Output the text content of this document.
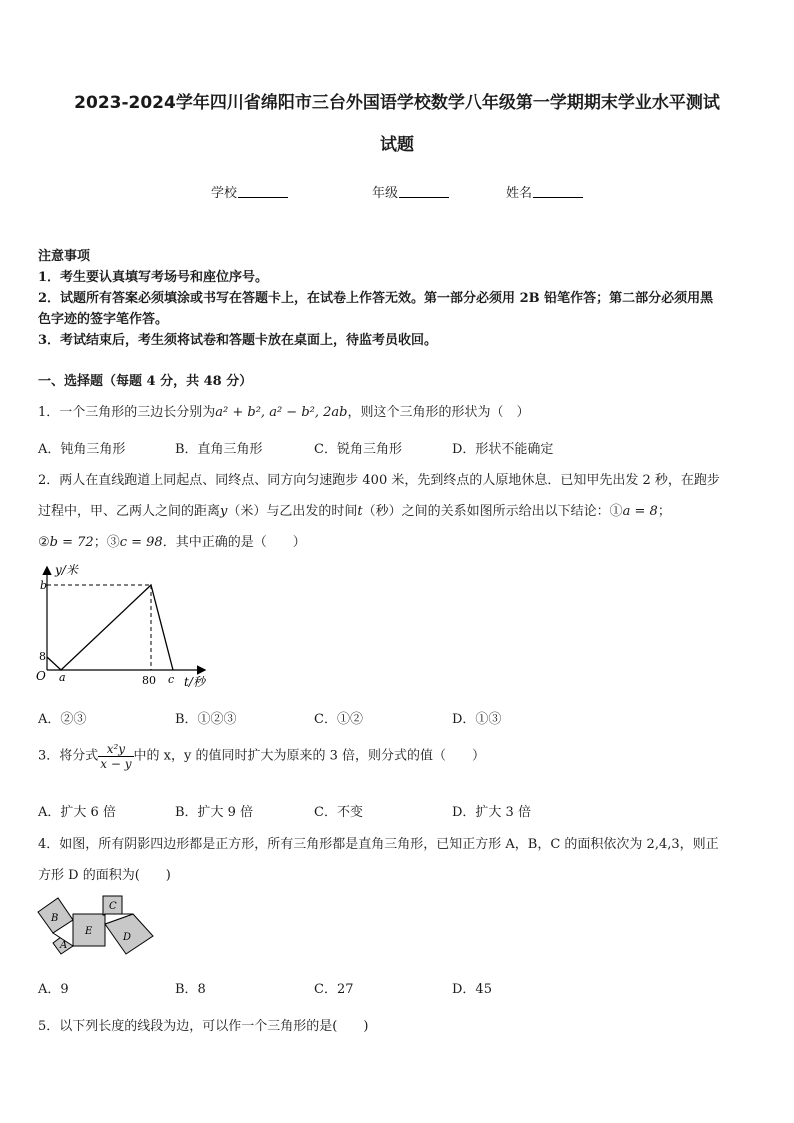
2023-2024学年四川省绵阳市三台外国语学校数学八年级第一学期期末学业水平测试
试题
学校	年级	姓名
注意事项
1．考生要认真填写考场号和座位序号。
2．试题所有答案必须填涂或书写在答题卡上，在试卷上作答无效。第一部分必须用 2B 铅笔作答；第二部分必须用黑
色字迹的签字笔作答。
3．考试结束后，考生须将试卷和答题卡放在桌面上，待监考员收回。
一、选择题（每题 4 分，共 48 分）
1．一个三角形的三边长分别为a² + b², a² − b², 2ab，则这个三角形的形状为（　）
A．钝角三角形	B．直角三角形	C．锐角三角形	D．形状不能确定
2．两人在直线跑道上同起点、同终点、同方向匀速跑步 400 米，先到终点的人原地休息．已知甲先出发 2 秒，在跑步
过程中，甲、乙两人之间的距离y（米）与乙出发的时间t（秒）之间的关系如图所示给出以下结论：①a = 8；
②b = 72；③c = 98．其中正确的是（　　）
y/米
b
8
O a	80 c t/秒
A．②③	B．①②③	C．①②	D．①③
3．将分式 $\frac{\text{x²y}}{x - y}$ 中的 x，y 的值同时扩大为原来的 3 倍，则分式的值（　　）
A．扩大 6 倍	B．扩大 9 倍	C．不变	D．扩大 3 倍
4．如图，所有阴影四边形都是正方形，所有三角形都是直角三角形，已知正方形 A，B，C 的面积依次为 2,4,3，则正
方形 D 的面积为(　　)
B
A
E
C
D
A．9	B．8	C．27	D．45
5．以下列长度的线段为边，可以作一个三角形的是(　　)
